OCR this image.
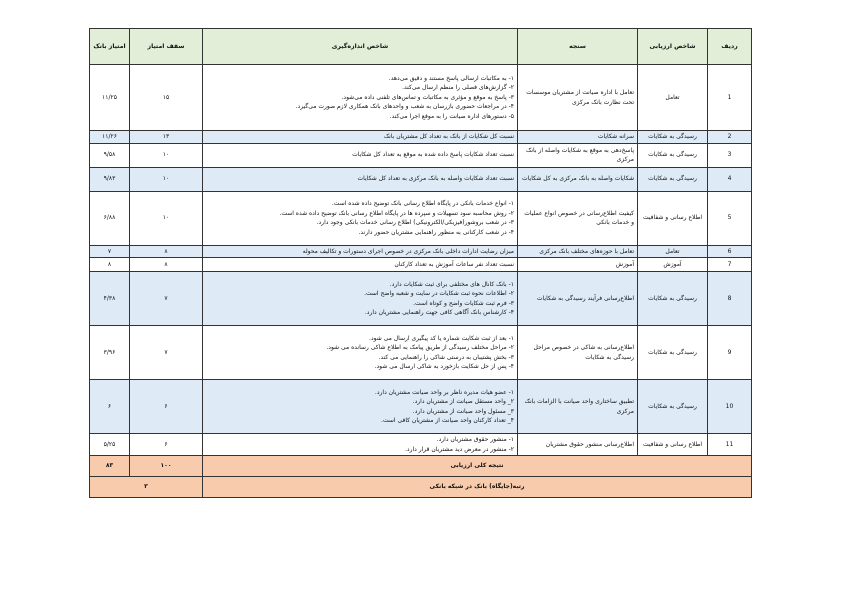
امتیاز بانک	سقف امتیاز	شاخص اندازه‌گیری	سنجه	شاخص ارزیابی	ردیف
۱۱/۲۵	۱۵	۱- به مکاتبات ارسالی پاسخ مستند و دقیق می‌دهد.
۲- گزارش‌های فصلی را منظم ارسال می‌کند.
۳- پاسخ به موقع و مؤثری به مکاتبات و تماس‌های تلفنی داده می‌شود.
۴- در مراجعات حضوری بازرسان به شعب و واحدهای بانک همکاری لازم صورت می‌گیرد.
۵- دستورهای اداره صیانت را به موقع اجرا می‌کند.	تعامل با اداره صیانت از مشتریان موسسات تحت نظارت بانک مرکزی	تعامل	1
۱۱/۲۶	۱۳	نسبت کل شکایات از بانک به تعداد کل مشتریان بانک	سرانه شکایات	رسیدگی به شکایات	2
۹/۵۸	۱۰	نسبت تعداد شکایات پاسخ داده شده به موقع به تعداد کل شکایات	پاسخ‌دهی به موقع به شکایات واصله از بانک مرکزی	رسیدگی به شکایات	3
۹/۸۳	۱۰	نسبت تعداد شکایات واصله به بانک مرکزی به تعداد کل شکایات	شکایات واصله به بانک مرکزی به کل شکایات	رسیدگی به شکایات	4
۶/۸۸	۱۰	۱- انواع خدمات بانکی در پایگاه اطلاع رسانی بانک توضیح داده شده است.
۲- روش محاسبه سود تسهیلات و سپرده ها در پایگاه اطلاع رسانی بانک توضیح داده شده است.
۳- در شعب بروشور(فیزیکی/الکترونیکی) اطلاع رسانی خدمات بانکی وجود دارد.
۴- در شعب کارکنانی به منظور راهنمایی مشتریان حضور دارند.	کیفیت اطلاع‌رسانی در خصوص انواع عملیات و خدمات بانکی	اطلاع رسانی و شفافیت	5
۷	۸	میزان رضایت ادارات داخلی بانک مرکزی در خصوص اجرای دستورات و تکالیف محوله	تعامل با حوزه‌های مختلف بانک مرکزی	تعامل	6
۸	۸	نسبت تعداد نفر ساعات آموزش به تعداد کارکنان	آموزش	آموزش	7
۴/۳۸	۷	۱- بانک کانال های مختلفی برای ثبت شکایات دارد.
۲- اطلاعات نحوه ثبت شکایات در سایت و شعبه واضح است.
۳- فرم ثبت شکایات واضح و کوتاه است.
۴- کارشناس بانک آگاهی کافی جهت راهنمایی مشتریان دارد.	اطلاع‌رسانی فرآیند رسیدگی به شکایات	رسیدگی به شکایات	8
۳/۹۶	۷	۱- بعد از ثبت شکایت شماره یا کد پیگیری ارسال می شود.
۲- مراحل مختلف رسیدگی از طریق پیامک به اطلاع شاکی رسانده می شود.
۳- بخش پشتیبان به درستی شاکی را راهنمایی می کند.
۴- پس از حل شکایت بازخورد به شاکی ارسال می شود.	اطلاع‌رسانی به شاکی در خصوص مراحل رسیدگی به شکایات	رسیدگی به شکایات	9
۶	۶	۱- عضو هیات مدیره ناظر بر واحد صیانت مشتریان دارد.
۲_ واحد مستقل صیانت از مشتریان دارد.
۳_ مسئول واحد صیانت از مشتریان دارد.
۴_ تعداد کارکنان واحد صیانت از مشتریان کافی است.	تطبیق ساختاری واحد صیانت با الزامات بانک مرکزی	رسیدگی به شکایات	10
۵/۲۵	۶	۱- منشور حقوق مشتریان دارد.
۲- منشور در معرض دید مشتریان قرار دارد.	اطلاع‌رسانی منشور حقوق مشتریان	اطلاع رسانی و شفافیت	11
۸۳	۱۰۰	نتیجه کلی ارزیابی			
۳		رتبه(جایگاه) بانک در شبکه بانکی			
